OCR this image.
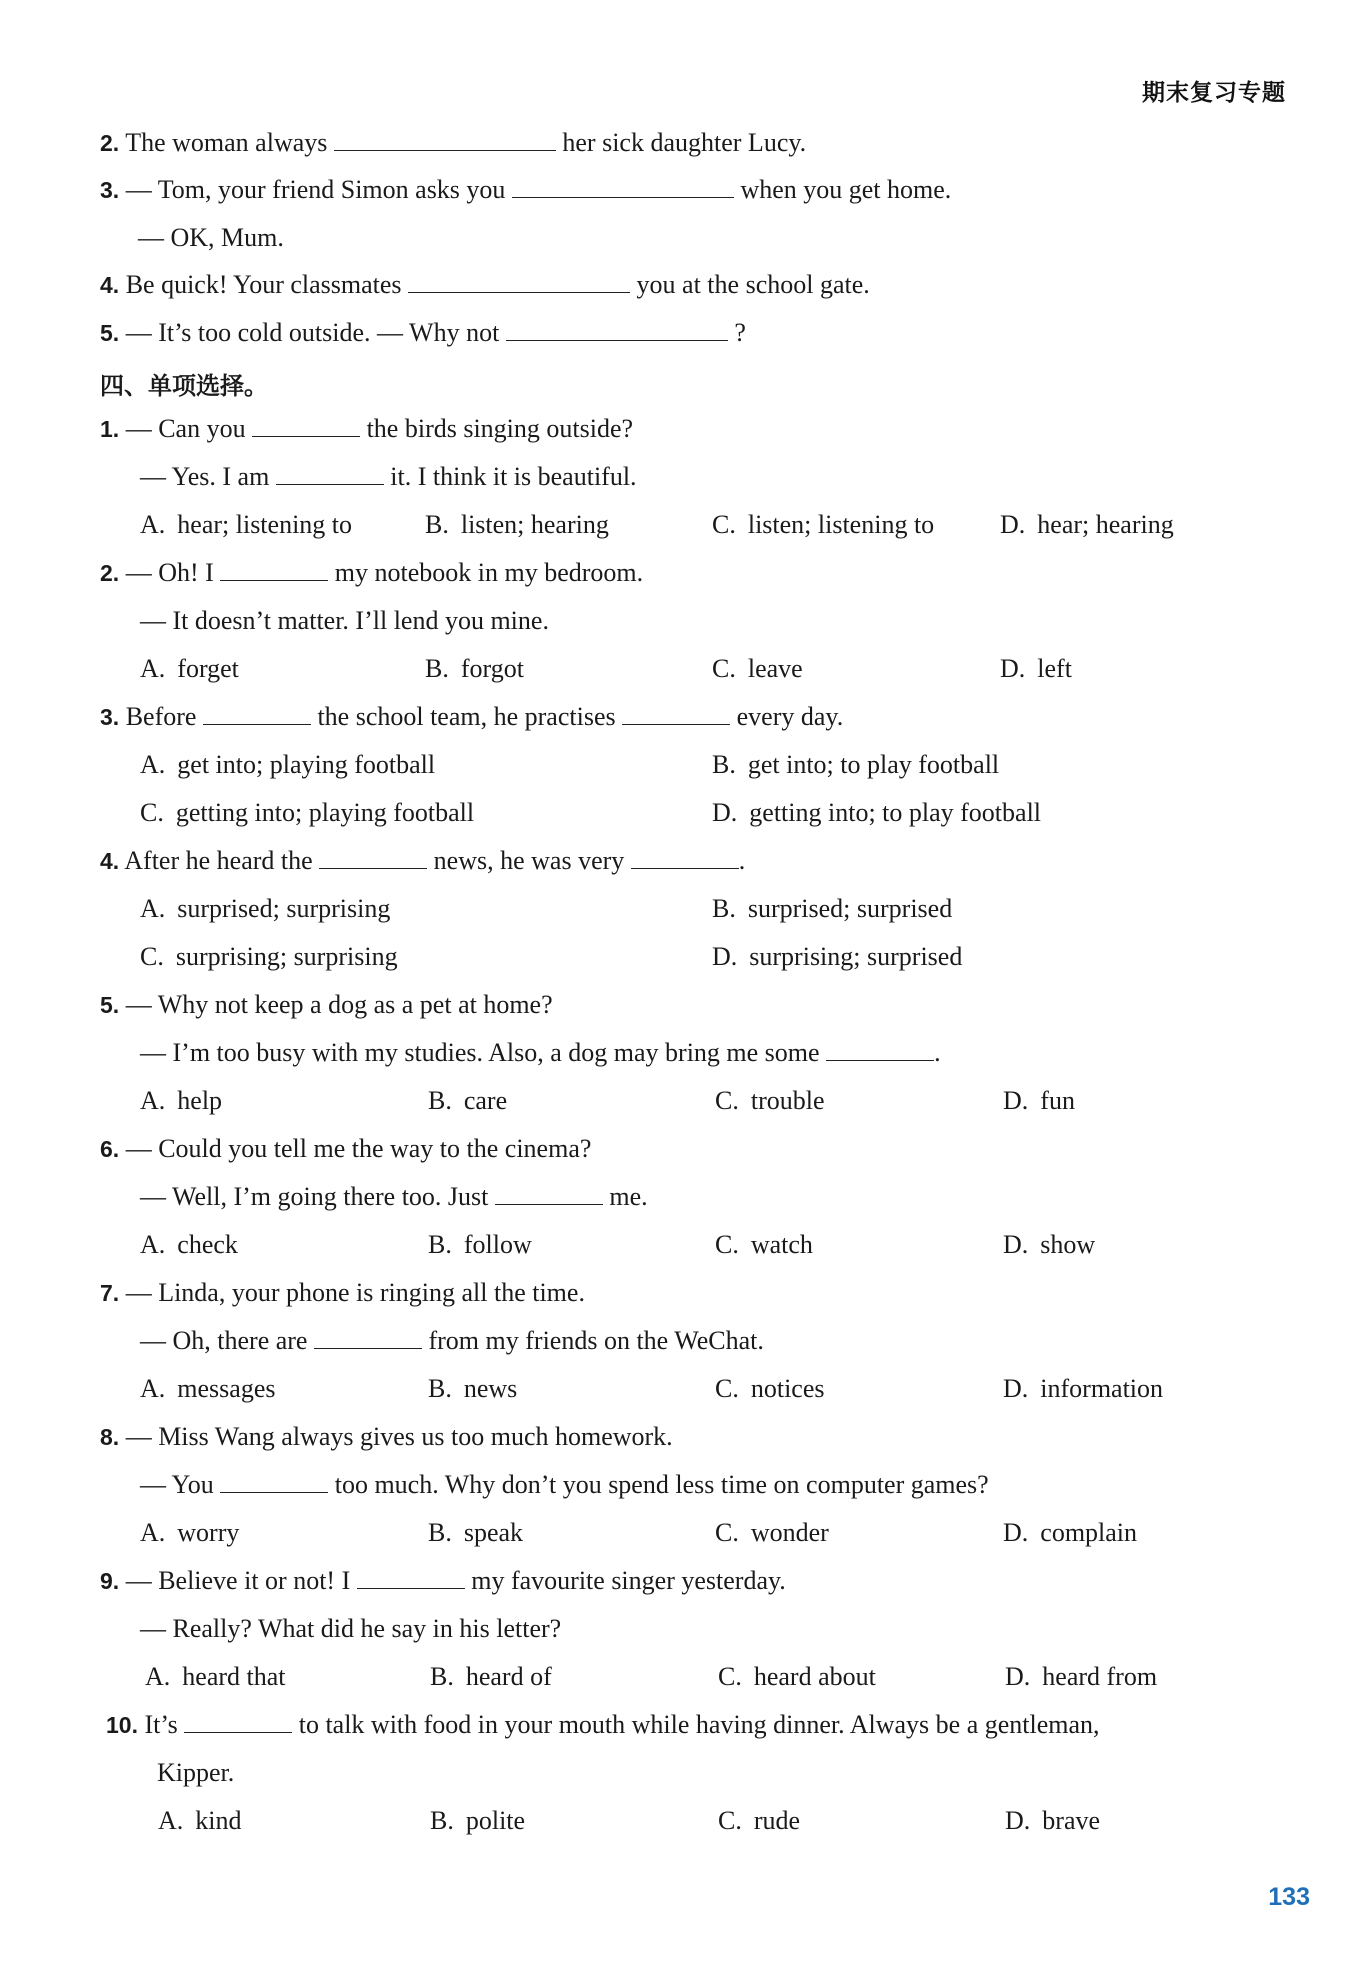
期末复习专题
2. The woman always	her sick daughter Lucy.
3. — Tom, your friend Simon asks you	when you get home.
— OK, Mum.
4. Be quick! Your classmates	you at the school gate.
5. — It’s too cold outside. — Why not	?
四、单项选择。
1. — Can you	the birds singing outside?
— Yes. I am	it. I think it is beautiful.
A. hear; listening to	B. listen; hearing	C. listen; listening to	D. hear; hearing
2. — Oh! I	my notebook in my bedroom.
— It doesn’t matter. I’ll lend you mine.
A. forget	B. forgot	C. leave	D. left
3. Before	the school team, he practises	every day.
A. get into; playing football	B. get into; to play football
C. getting into; playing football	D. getting into; to play football
4. After he heard the	news, he was very	.
A. surprised; surprising	B. surprised; surprised
C. surprising; surprising	D. surprising; surprised
5. — Why not keep a dog as a pet at home?
— I’m too busy with my studies. Also, a dog may bring me some	.
A. help	B. care	C. trouble	D. fun
6. — Could you tell me the way to the cinema?
— Well, I’m going there too. Just	me.
A. check	B. follow	C. watch	D. show
7. — Linda, your phone is ringing all the time.
— Oh, there are	from my friends on the WeChat.
A. messages	B. news	C. notices	D. information
8. — Miss Wang always gives us too much homework.
— You	too much. Why don’t you spend less time on computer games?
A. worry	B. speak	C. wonder	D. complain
9. — Believe it or not! I	my favourite singer yesterday.
— Really? What did he say in his letter?
A. heard that	B. heard of	C. heard about	D. heard from
10. It’s	to talk with food in your mouth while having dinner. Always be a gentleman,
Kipper.
A. kind	B. polite	C. rude	D. brave
133
